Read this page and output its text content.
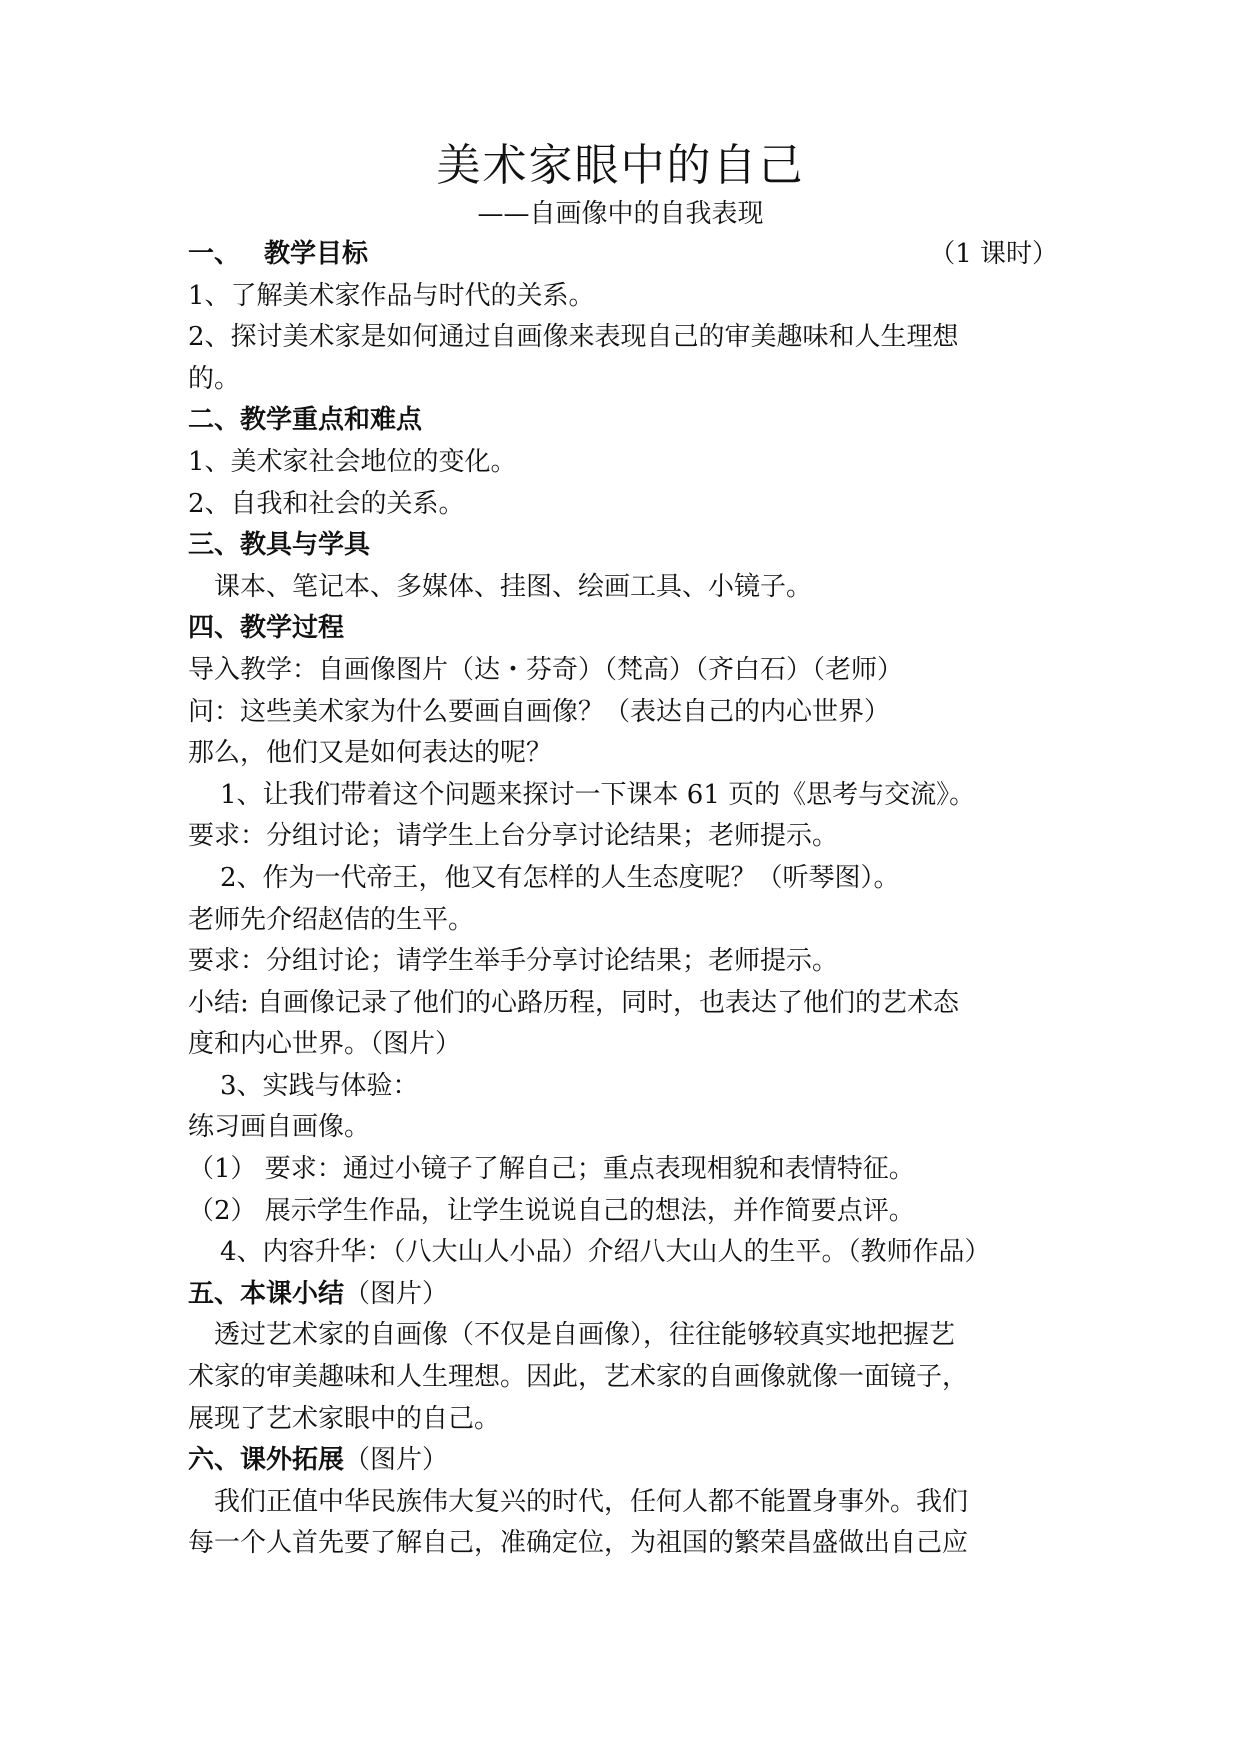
美术家眼中的自己
——自画像中的自我表现
一、 教学目标	（1 课时）
1、了解美术家作品与时代的关系。
2、探讨美术家是如何通过自画像来表现自己的审美趣味和人生理想
的。
二、教学重点和难点
1、美术家社会地位的变化。
2、自我和社会的关系。
三、教具与学具
课本、笔记本、多媒体、挂图、绘画工具、小镜子。
四、教学过程
导入教学：自画像图片（达・芬奇）（梵高）（齐白石）（老师）
问：这些美术家为什么要画自画像？（表达自己的内心世界）
那么，他们又是如何表达的呢？
1、让我们带着这个问题来探讨一下课本 61 页的《思考与交流》。
要求：分组讨论；请学生上台分享讨论结果；老师提示。
2、作为一代帝王，他又有怎样的人生态度呢？（听琴图）。
老师先介绍赵佶的生平。
要求：分组讨论；请学生举手分享讨论结果；老师提示。
小结: 自画像记录了他们的心路历程，同时，也表达了他们的艺术态
度和内心世界。（图片）
3、实践与体验：
练习画自画像。
（1） 要求：通过小镜子了解自己；重点表现相貌和表情特征。
（2） 展示学生作品，让学生说说自己的想法，并作简要点评。
4、内容升华：（八大山人小品）介绍八大山人的生平。（教师作品）
五、本课小结（图片）
透过艺术家的自画像（不仅是自画像），往往能够较真实地把握艺
术家的审美趣味和人生理想。因此，艺术家的自画像就像一面镜子，
展现了艺术家眼中的自己。
六、课外拓展（图片）
我们正值中华民族伟大复兴的时代，任何人都不能置身事外。我们
每一个人首先要了解自己，准确定位，为祖国的繁荣昌盛做出自己应
